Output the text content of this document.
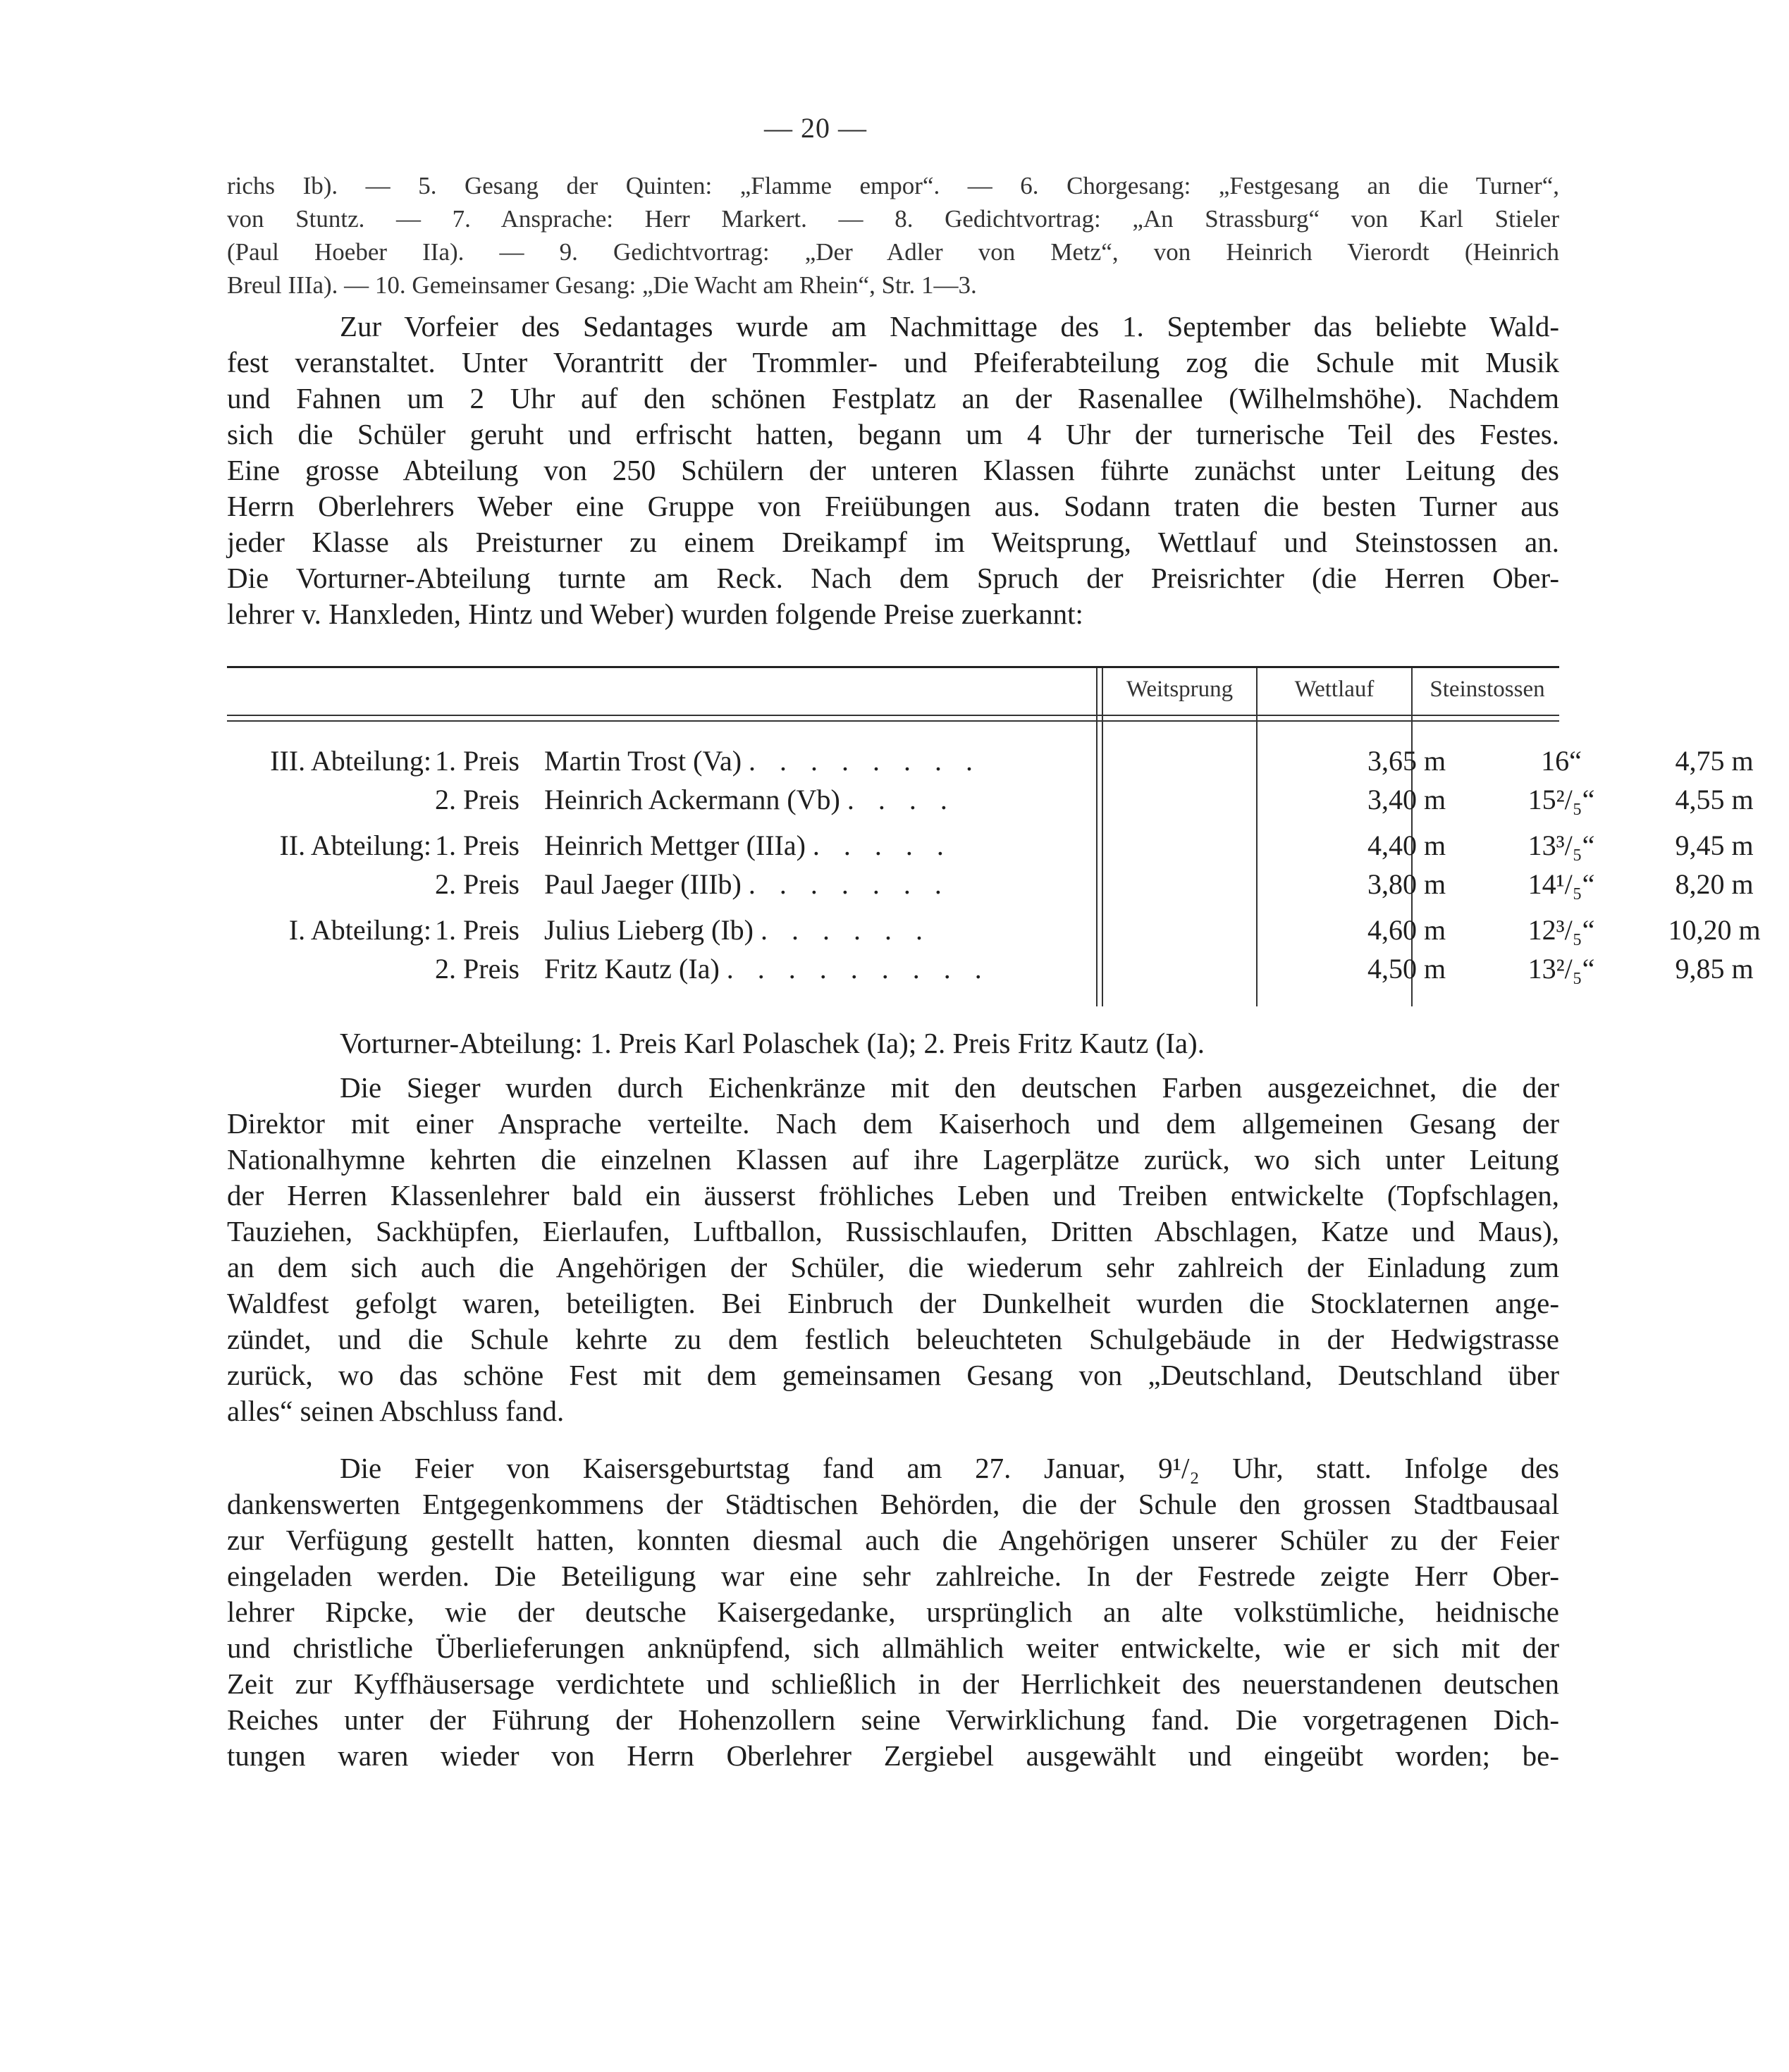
— 20 —
richs Ib). — 5. Gesang der Quinten: „Flamme empor“. — 6. Chorgesang: „Festgesang an die Turner“,
von Stuntz. — 7. Ansprache: Herr Markert. — 8. Gedichtvortrag: „An Strassburg“ von Karl Stieler
(Paul Hoeber IIa). — 9. Gedichtvortrag: „Der Adler von Metz“, von Heinrich Vierordt (Heinrich
Breul IIIa). — 10. Gemeinsamer Gesang: „Die Wacht am Rhein“, Str. 1—3.
Zur Vorfeier des Sedantages wurde am Nachmittage des 1. September das beliebte Wald-
fest veranstaltet. Unter Vorantritt der Trommler- und Pfeiferabteilung zog die Schule mit Musik
und Fahnen um 2 Uhr auf den schönen Festplatz an der Rasenallee (Wilhelmshöhe). Nachdem
sich die Schüler geruht und erfrischt hatten, begann um 4 Uhr der turnerische Teil des Festes.
Eine grosse Abteilung von 250 Schülern der unteren Klassen führte zunächst unter Leitung des
Herrn Oberlehrers Weber eine Gruppe von Freiübungen aus. Sodann traten die besten Turner aus
jeder Klasse als Preisturner zu einem Dreikampf im Weitsprung, Wettlauf und Steinstossen an.
Die Vorturner-Abteilung turnte am Reck. Nach dem Spruch der Preisrichter (die Herren Ober-
lehrer v. Hanxleden, Hintz und Weber) wurden folgende Preise zuerkannt:
Weitsprung	Wettlauf	Steinstossen
III. Abteilung: 1. Preis Martin Trost (Va) . . . . . . . .	3,65 m	16“	4,75 m
2. Preis Heinrich Ackermann (Vb) . . . .	3,40 m	15²/₅“	4,55 m
II. Abteilung: 1. Preis Heinrich Mettger (IIIa) . . . . .	4,40 m	13³/₅“	9,45 m
2. Preis Paul Jaeger (IIIb) . . . . . . .	3,80 m	14¹/₅“	8,20 m
I. Abteilung: 1. Preis Julius Lieberg (Ib) . . . . . .	4,60 m	12³/₅“	10,20 m
2. Preis Fritz Kautz (Ia) . . . . . . . . .	4,50 m	13²/₅“	9,85 m
Vorturner-Abteilung: 1. Preis Karl Polaschek (Ia); 2. Preis Fritz Kautz (Ia).
Die Sieger wurden durch Eichenkränze mit den deutschen Farben ausgezeichnet, die der
Direktor mit einer Ansprache verteilte. Nach dem Kaiserhoch und dem allgemeinen Gesang der
Nationalhymne kehrten die einzelnen Klassen auf ihre Lagerplätze zurück, wo sich unter Leitung
der Herren Klassenlehrer bald ein äusserst fröhliches Leben und Treiben entwickelte (Topfschlagen,
Tauziehen, Sackhüpfen, Eierlaufen, Luftballon, Russischlaufen, Dritten Abschlagen, Katze und Maus),
an dem sich auch die Angehörigen der Schüler, die wiederum sehr zahlreich der Einladung zum
Waldfest gefolgt waren, beteiligten. Bei Einbruch der Dunkelheit wurden die Stocklaternen ange-
zündet, und die Schule kehrte zu dem festlich beleuchteten Schulgebäude in der Hedwigstrasse
zurück, wo das schöne Fest mit dem gemeinsamen Gesang von „Deutschland, Deutschland über
alles“ seinen Abschluss fand.
Die Feier von Kaisersgeburtstag fand am 27. Januar, 9¹/₂ Uhr, statt. Infolge des
dankenswerten Entgegenkommens der Städtischen Behörden, die der Schule den grossen Stadtbausaal
zur Verfügung gestellt hatten, konnten diesmal auch die Angehörigen unserer Schüler zu der Feier
eingeladen werden. Die Beteiligung war eine sehr zahlreiche. In der Festrede zeigte Herr Ober-
lehrer Ripcke, wie der deutsche Kaisergedanke, ursprünglich an alte volkstümliche, heidnische
und christliche Überlieferungen anknüpfend, sich allmählich weiter entwickelte, wie er sich mit der
Zeit zur Kyffhäusersage verdichtete und schließlich in der Herrlichkeit des neuerstandenen deutschen
Reiches unter der Führung der Hohenzollern seine Verwirklichung fand. Die vorgetragenen Dich-
tungen waren wieder von Herrn Oberlehrer Zergiebel ausgewählt und eingeübt worden; be-
